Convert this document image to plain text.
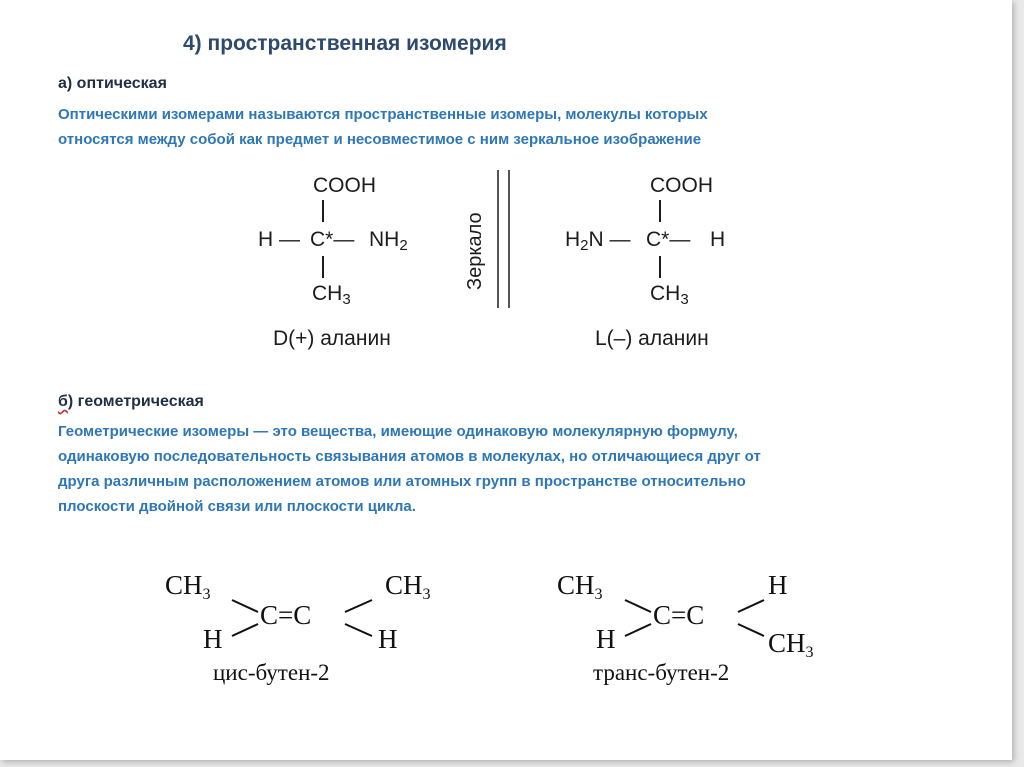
4) пространственная изомерия
а) оптическая
Оптическими изомерами называются пространственные изомеры, молекулы которых
относятся между собой как предмет и несовместимое с ним зеркальное изображение
COOH
H — C*— $NH_2$
$CH_3$
D(+) аланин
Зеркало
COOH
$H_2N$ — C*— H
$CH_3$
L(–) аланин
б) геометрическая
Геометрические изомеры — это вещества, имеющие одинаковую молекулярную формулу,
одинаковую последовательность связывания атомов в молекулах, но отличающиеся друг от
друга различным расположением атомов или атомных групп в пространстве относительно
плоскости двойной связи или плоскости цикла.
$CH_3$	$CH_3$
C=C
H	H
цис-бутен-2
$CH_3$	H
C=C
H	$CH_3$
транс-бутен-2
